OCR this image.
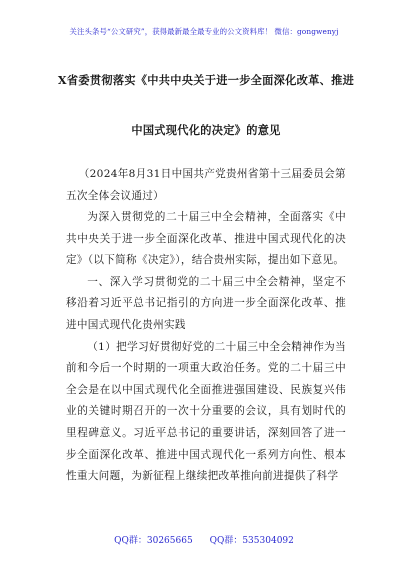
关注头条号“公文研究”，获得最新最全最专业的公文资料库！ 微信：gongwenyj
X省委贯彻落实《中共中央关于进一步全面深化改革、推进
中国式现代化的决定》的意见
（2024年8月31日中国共产党贵州省第十三届委员会第五次全体会议通过）

为深入贯彻党的二十届三中全会精神，全面落实《中共中央关于进一步全面深化改革、推进中国式现代化的决定》（以下简称《决定》），结合贵州实际，提出如下意见。

一、深入学习贯彻党的二十届三中全会精神，坚定不移沿着习近平总书记指引的方向进一步全面深化改革、推进中国式现代化贵州实践

（1）把学习好贯彻好党的二十届三中全会精神作为当前和今后一个时期的一项重大政治任务。党的二十届三中全会是在以中国式现代化全面推进强国建设、民族复兴伟业的关键时期召开的一次十分重要的会议，具有划时代的里程碑意义。习近平总书记的重要讲话，深刻回答了进一步全面深化改革、推进中国式现代化一系列方向性、根本性重大问题，为新征程上继续把改革推向前进提供了科学

QQ群：30265665 QQ群：535304092
